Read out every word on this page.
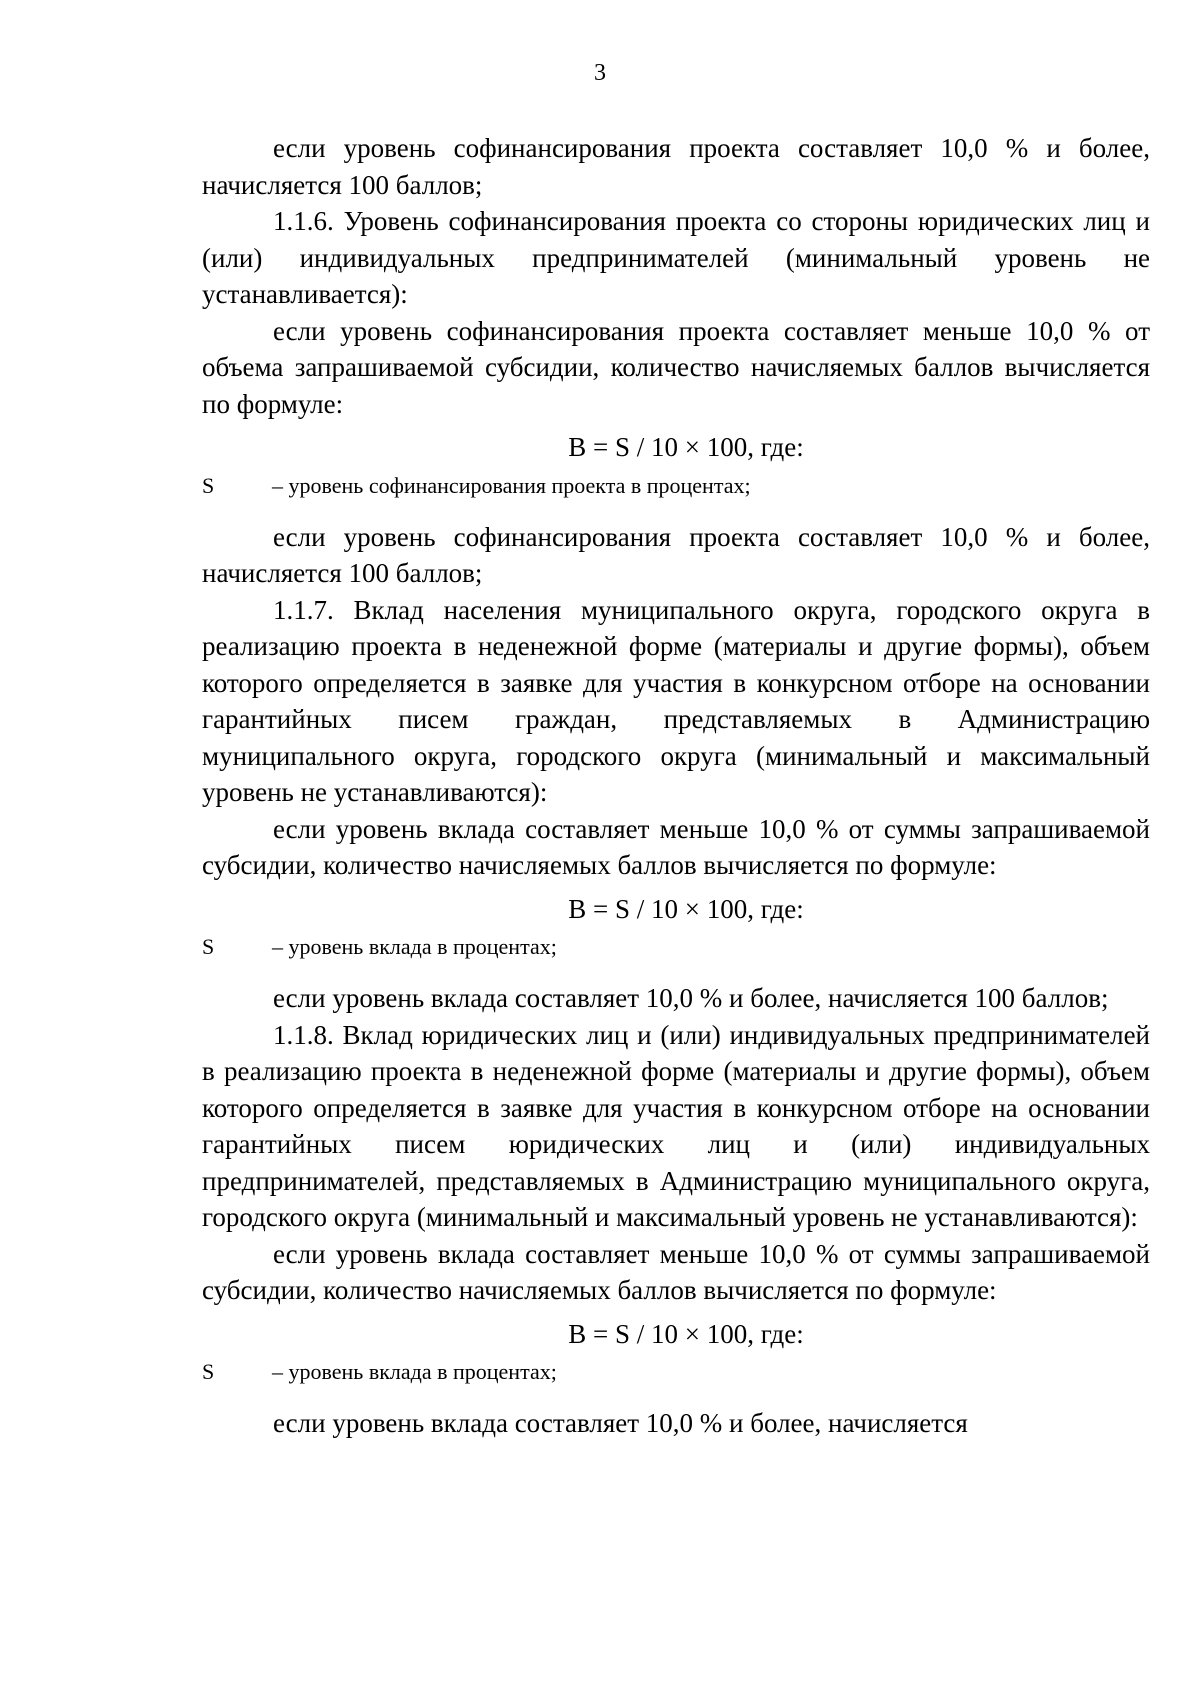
3

если уровень софинансирования проекта составляет 10,0 % и более, начисляется 100 баллов;

1.1.6. Уровень софинансирования проекта со стороны юридических лиц и (или) индивидуальных предпринимателей (минимальный уровень не устанавливается):

если уровень софинансирования проекта составляет меньше 10,0 % от объема запрашиваемой субсидии, количество начисляемых баллов вычисляется по формуле:

B = S / 10 × 100, где:
S	– уровень софинансирования проекта в процентах;

если уровень софинансирования проекта составляет 10,0 % и более, начисляется 100 баллов;

1.1.7. Вклад населения муниципального округа, городского округа в реализацию проекта в неденежной форме (материалы и другие формы), объем которого определяется в заявке для участия в конкурсном отборе на основании гарантийных писем граждан, представляемых в Администрацию муниципального округа, городского округа (минимальный и максимальный уровень не устанавливаются):

если уровень вклада составляет меньше 10,0 % от суммы запрашиваемой субсидии, количество начисляемых баллов вычисляется по формуле:

B = S / 10 × 100, где:
S	– уровень вклада в процентах;

если уровень вклада составляет 10,0 % и более, начисляется 100 баллов;

1.1.8. Вклад юридических лиц и (или) индивидуальных предпринимателей в реализацию проекта в неденежной форме (материалы и другие формы), объем которого определяется в заявке для участия в конкурсном отборе на основании гарантийных писем юридических лиц и (или) индивидуальных предпринимателей, представляемых в Администрацию муниципального округа, городского округа (минимальный и максимальный уровень не устанавливаются):

если уровень вклада составляет меньше 10,0 % от суммы запрашиваемой субсидии, количество начисляемых баллов вычисляется по формуле:

B = S / 10 × 100, где:
S	– уровень вклада в процентах;

если уровень вклада составляет 10,0 % и более, начисляется
